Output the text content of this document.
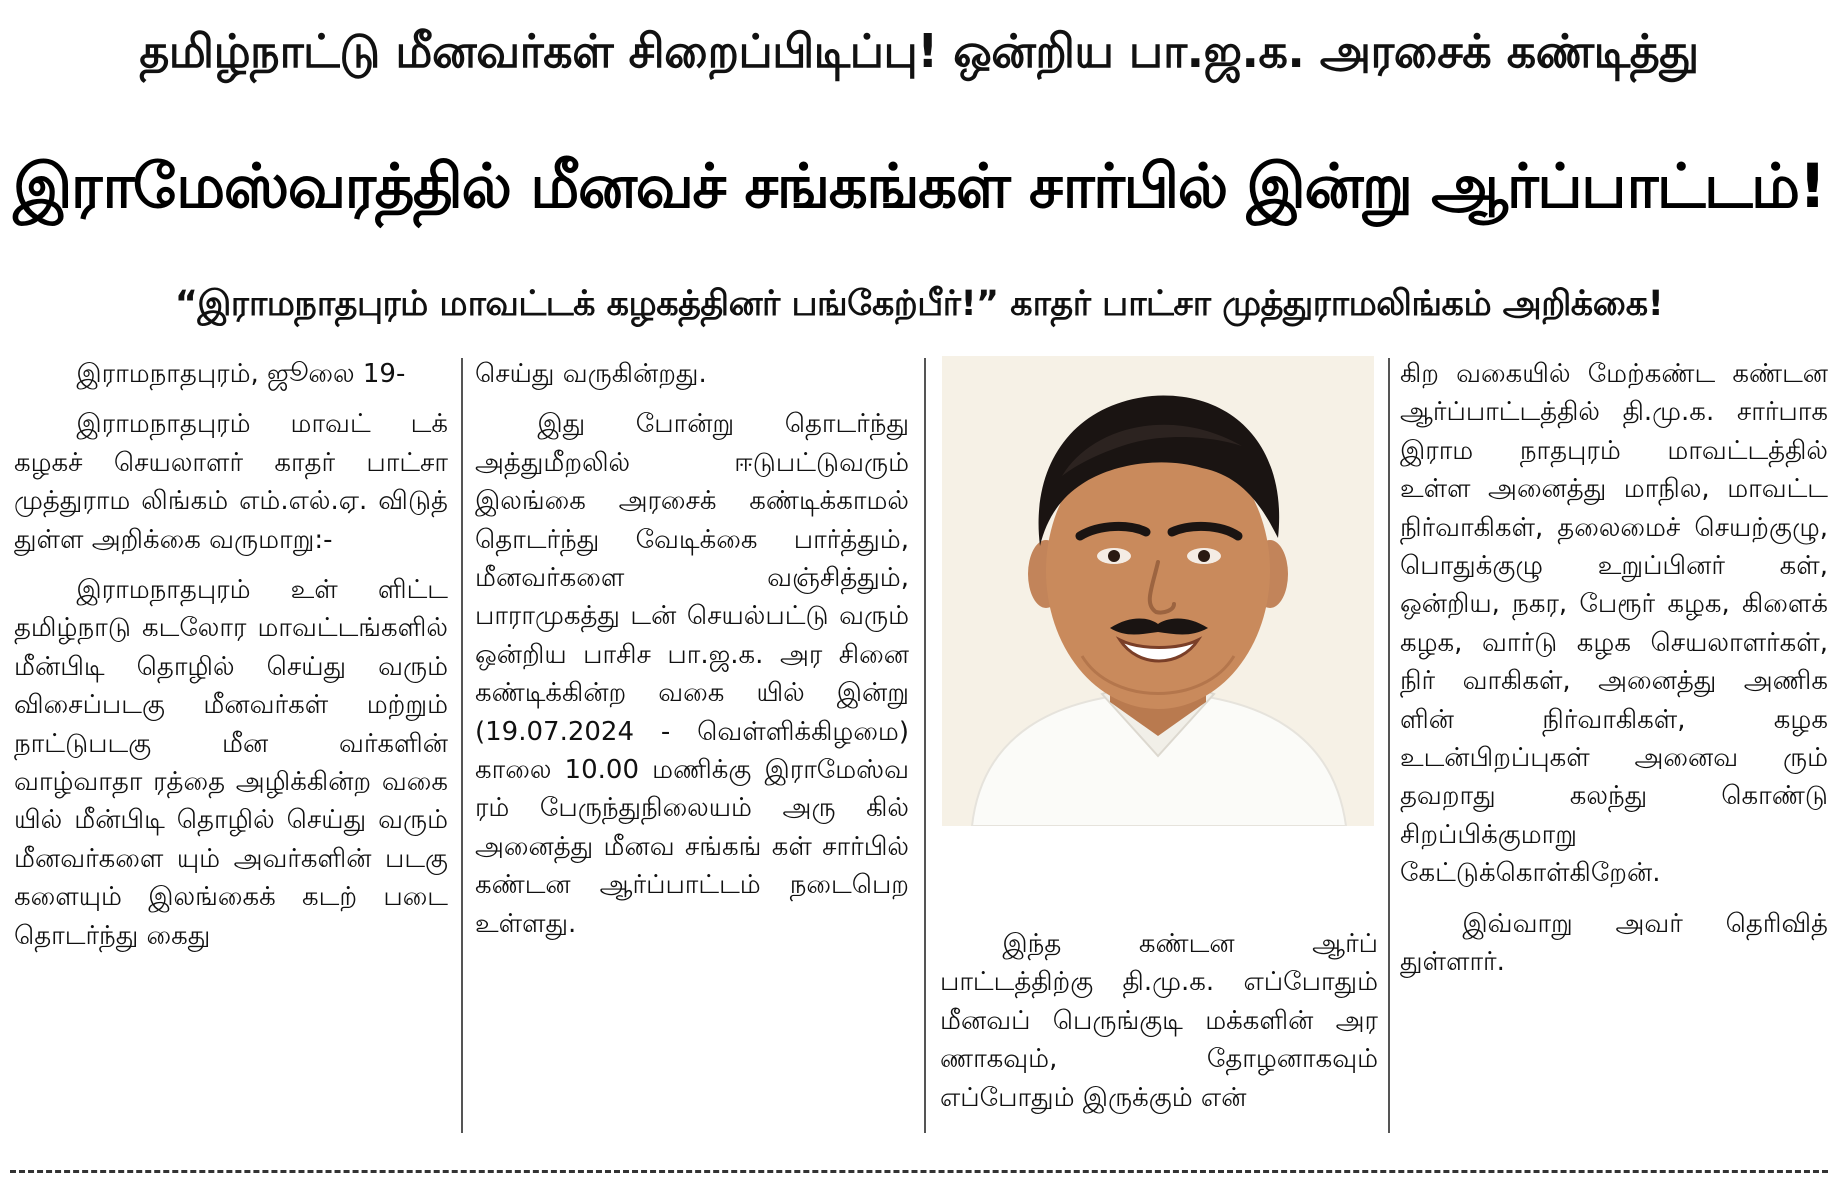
தமிழ்நாட்டு மீனவர்கள் சிறைப்பிடிப்பு! ஒன்றிய பா.ஜ.க. அரசைக் கண்டித்து
இராமேஸ்வரத்தில் மீனவச் சங்கங்கள் சார்பில் இன்று ஆர்ப்பாட்டம்!
“இராமநாதபுரம் மாவட்டக் கழகத்தினர் பங்கேற்பீர்!” காதர் பாட்சா முத்துராமலிங்கம் அறிக்கை!

இராமநாதபுரம், ஜூலை 19-

இராமநாதபுரம் மாவட் டக் கழகச் செயலாளர் காதர் பாட்சா முத்துராம லிங்கம் எம்.எல்.ஏ. விடுத் துள்ள அறிக்கை வருமாறு:-

இராமநாதபுரம் உள் ளிட்ட தமிழ்நாடு கடலோர மாவட்டங்களில் மீன்பிடி தொழில் செய்து வரும் விசைப்படகு மீனவர்கள் மற்றும் நாட்டுபடகு மீன வர்களின் வாழ்வாதா ரத்தை அழிக்கின்ற வகை யில் மீன்பிடி தொழில் செய்து வரும் மீனவர்களை யும் அவர்களின் படகு களையும் இலங்கைக் கடற் படை தொடர்ந்து கைது

செய்து வருகின்றது.

இது போன்று தொடர்ந்து அத்துமீறலில் ஈடுபட்டுவரும் இலங்கை அரசைக் கண்டிக்காமல் தொடர்ந்து வேடிக்கை பார்த்தும், மீனவர்களை வஞ்சித்தும், பாராமுகத்து டன் செயல்பட்டு வரும் ஒன்றிய பாசிச பா.ஜ.க. அர சினை கண்டிக்கின்ற வகை யில் இன்று (19.07.2024 - வெள்ளிக்கிழமை) காலை 10.00 மணிக்கு இராமேஸ்வ ரம் பேருந்துநிலையம் அரு கில் அனைத்து மீனவ சங்கங் கள் சார்பில் கண்டன ஆர்ப்பாட்டம் நடைபெற உள்ளது.

இந்த கண்டன ஆர்ப் பாட்டத்திற்கு தி.மு.க. எப்போதும் மீனவப் பெருங்குடி மக்களின் அர ணாகவும், தோழனாகவும் எப்போதும் இருக்கும் என்

கிற வகையில் மேற்கண்ட கண்டன ஆர்ப்பாட்டத்தில் தி.மு.க. சார்பாக இராம நாதபுரம் மாவட்டத்தில் உள்ள அனைத்து மாநில, மாவட்ட நிர்வாகிகள், தலைமைச் செயற்குழு, பொதுக்குழு உறுப்பினர் கள், ஒன்றிய, நகர, பேரூர் கழக, கிளைக் கழக, வார்டு கழக செயலாளர்கள், நிர் வாகிகள், அனைத்து அணிக ளின் நிர்வாகிகள், கழக உடன்பிறப்புகள் அனைவ ரும் தவறாது கலந்து கொண்டு சிறப்பிக்குமாறு கேட்டுக்கொள்கிறேன்.

இவ்வாறு அவர் தெரிவித் துள்ளார்.
